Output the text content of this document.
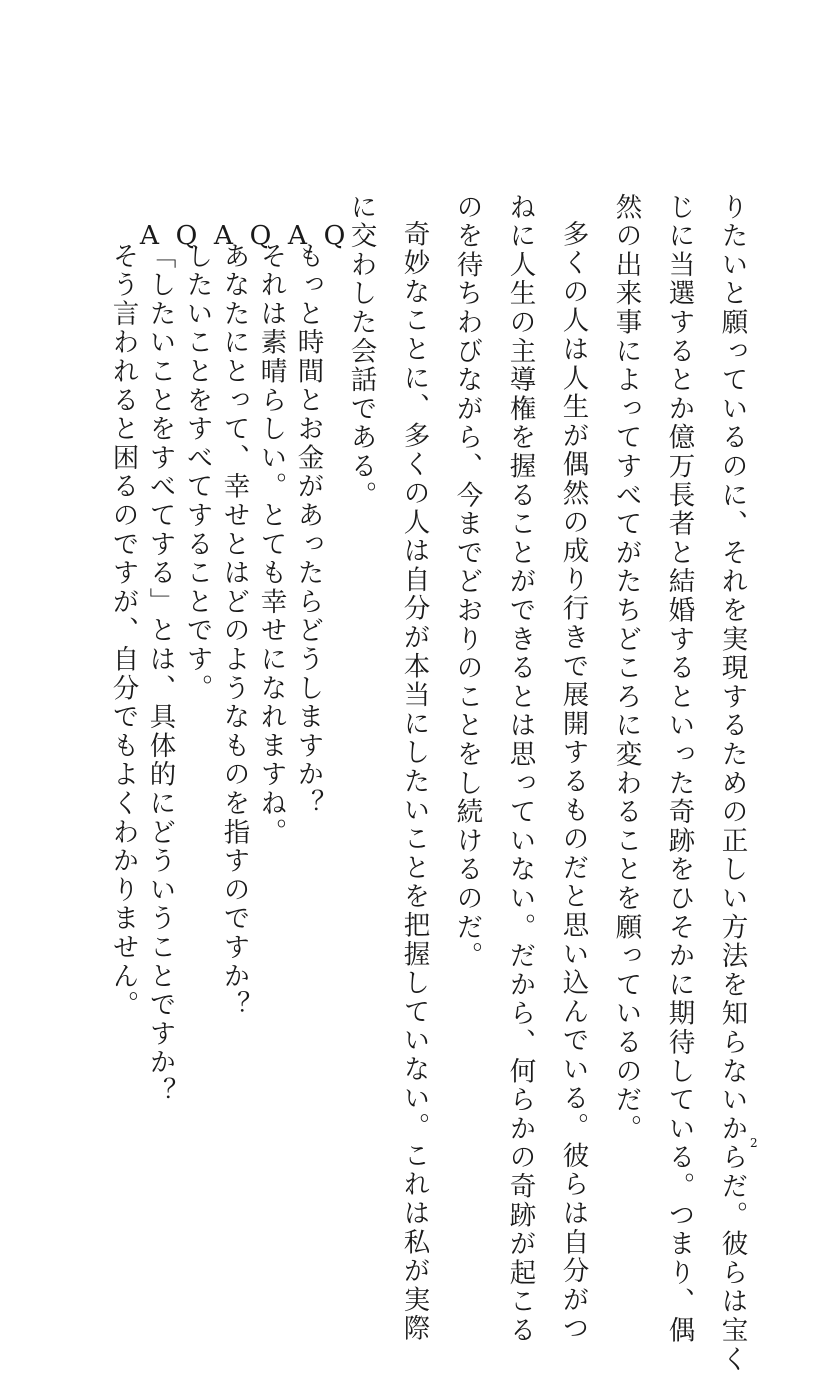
りたいと願っているのに、それを実現するための正しい方法を知らないからだ。彼らは宝く
じに当選するとか億万長者と結婚するといった奇跡をひそかに期待している。つまり、偶
然の出来事によってすべてがたちどころに変わることを願っているのだ。
多くの人は人生が偶然の成り行きで展開するものだと思い込んでいる。彼らは自分がつ
ねに人生の主導権を握ることができるとは思っていない。だから、何らかの奇跡が起こる
のを待ちわびながら、今までどおりのことをし続けるのだ。
奇妙なことに、多くの人は自分が本当にしたいことを把握していない。これは私が実際
に交わした会話である。
Q
もっと時間とお金があったらどうしますか？
A
それは素晴らしい。とても幸せになれますね。
Q
あなたにとって、幸せとはどのようなものを指すのですか？
A
したいことをすべてすることです。
Q
「したいことをすべてする」とは、具体的にどういうことですか？
A
そう言われると困るのですが、自分でもよくわかりません。
2
